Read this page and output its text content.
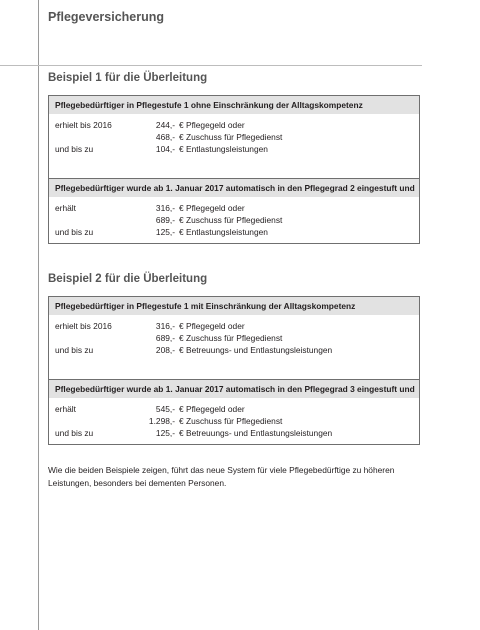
Pflegeversicherung
Beispiel 1 für die Überleitung
Pflegebedürftiger in Pflegestufe 1 ohne Einschränkung der Alltagskompetenz
erhielt bis 2016	244,- € Pflegegeld oder
468,- € Zuschuss für Pflegedienst
und bis zu	104,- € Entlastungsleistungen
Pflegebedürftiger wurde ab 1. Januar 2017 automatisch in den Pflegegrad 2 eingestuft und
erhält	316,- € Pflegegeld oder
689,- € Zuschuss für Pflegedienst
und bis zu	125,- € Entlastungsleistungen
Beispiel 2 für die Überleitung
Pflegebedürftiger in Pflegestufe 1 mit Einschränkung der Alltagskompetenz
erhielt bis 2016	316,- € Pflegegeld oder
689,- € Zuschuss für Pflegedienst
und bis zu	208,- € Betreuungs- und Entlastungsleistungen
Pflegebedürftiger wurde ab 1. Januar 2017 automatisch in den Pflegegrad 3 eingestuft und
erhält	545,- € Pflegegeld oder
1.298,- € Zuschuss für Pflegedienst
und bis zu	125,- € Betreuungs- und Entlastungsleistungen
Wie die beiden Beispiele zeigen, führt das neue System für viele Pflegebedürftige zu höheren Leistungen, besonders bei dementen Personen.
